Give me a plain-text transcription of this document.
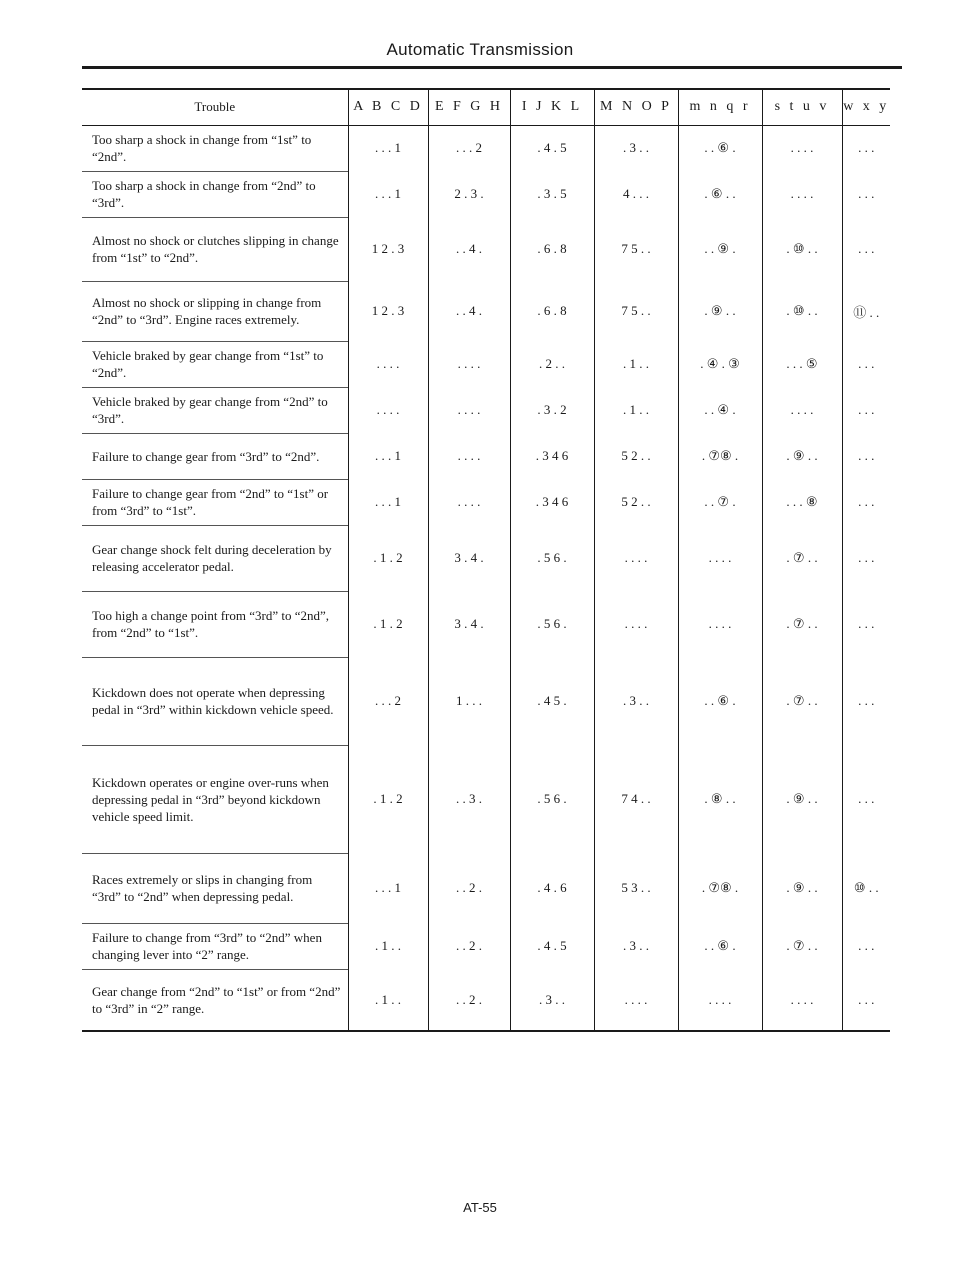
Automatic Transmission
Trouble	A B C D	E F G H	I J K L	M N O P	m n q r	s t u v	w x y
Too sharp a shock in change from “1st” to “2nd”.	. . . 1	. . . 2	. 4 . 5	. 3 . .	. . ⑥ .	. . . .	. . .
Too sharp a shock in change from “2nd” to “3rd”.	. . . 1	2 . 3 .	. 3 . 5	4 . . .	. ⑥ . .	. . . .	. . .
Almost no shock or clutches slipping in change from “1st” to “2nd”.	1 2 . 3	. . 4 .	. 6 . 8	7 5 . .	. . ⑨ .	. ⑩ . .	. . .
Almost no shock or slipping in change from “2nd” to “3rd”. Engine races extremely.	1 2 . 3	. . 4 .	. 6 . 8	7 5 . .	. ⑨ . .	. ⑩ . .	⑪ . .
Vehicle braked by gear change from “1st” to “2nd”.	. . . .	. . . .	. 2 . .	. 1 . .	. ④ . ③	. . . ⑤	. . .
Vehicle braked by gear change from “2nd” to “3rd”.	. . . .	. . . .	. 3 . 2	. 1 . .	. . ④ .	. . . .	. . .
Failure to change gear from “3rd” to “2nd”.	. . . 1	. . . .	. 3 4 6	5 2 . .	. ⑦⑧ .	. ⑨ . .	. . .
Failure to change gear from “2nd” to “1st” or from “3rd” to “1st”.	. . . 1	. . . .	. 3 4 6	5 2 . .	. . ⑦ .	. . . ⑧	. . .
Gear change shock felt during deceleration by releasing accelerator pedal.	. 1 . 2	3 . 4 .	. 5 6 .	. . . .	. . . .	. ⑦ . .	. . .
Too high a change point from “3rd” to “2nd”, from “2nd” to “1st”.	. 1 . 2	3 . 4 .	. 5 6 .	. . . .	. . . .	. ⑦ . .	. . .
Kickdown does not operate when depressing pedal in “3rd” within kickdown vehicle speed.	. . . 2	1 . . .	. 4 5 .	. 3 . .	. . ⑥ .	. ⑦ . .	. . .
Kickdown operates or engine over-runs when depressing pedal in “3rd” beyond kickdown vehicle speed limit.	. 1 . 2	. . 3 .	. 5 6 .	7 4 . .	. ⑧ . .	. ⑨ . .	. . .
Races extremely or slips in changing from “3rd” to “2nd” when depressing pedal.	. . . 1	. . 2 .	. 4 . 6	5 3 . .	. ⑦⑧ .	. ⑨ . .	⑩ . .
Failure to change from “3rd” to “2nd” when changing lever into “2” range.	. 1 . .	. . 2 .	. 4 . 5	. 3 . .	. . ⑥ .	. ⑦ . .	. . .
Gear change from “2nd” to “1st” or from “2nd” to “3rd” in “2” range.	. 1 . .	. . 2 .	. 3 . .	. . . .	. . . .	. . . .	. . .
AT-55
